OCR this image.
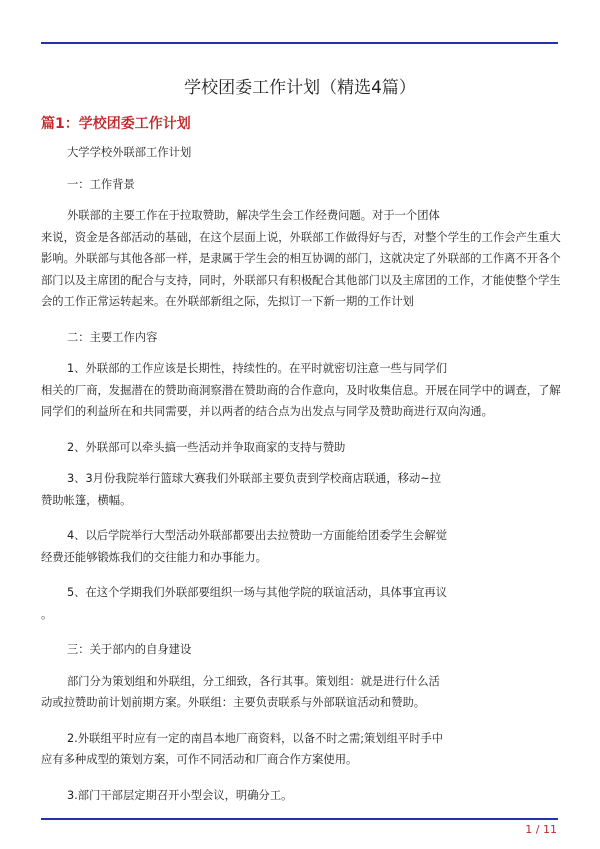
学校团委工作计划（精选4篇）
篇1：学校团委工作计划

大学学校外联部工作计划

一：工作背景

外联部的主要工作在于拉取赞助，解决学生会工作经费问题。对于一个团体
来说，资金是各部活动的基础，在这个层面上说，外联部工作做得好与否，对整个学生的工作会产生重大影响。外联部与其他各部一样，是隶属于学生会的相互协调的部门，这就决定了外联部的工作离不开各个部门以及主席团的配合与支持，同时，外联部只有积极配合其他部门以及主席团的工作，才能使整个学生会的工作正常运转起来。在外联部新组之际，先拟订一下新一期的工作计划

二：主要工作内容

1、外联部的工作应该是长期性，持续性的。在平时就密切注意一些与同学们
相关的厂商，发掘潜在的赞助商洞察潜在赞助商的合作意向，及时收集信息。开展在同学中的调查，了解同学们的利益所在和共同需要，并以两者的结合点为出发点与同学及赞助商进行双向沟通。

2、外联部可以牵头搞一些活动并争取商家的支持与赞助

3、3月份我院举行篮球大赛我们外联部主要负责到学校商店联通，移动~拉
赞助帐篷，横幅。

4、以后学院举行大型活动外联部都要出去拉赞助一方面能给团委学生会解觉
经费还能够锻炼我们的交往能力和办事能力。

5、在这个学期我们外联部要组织一场与其他学院的联谊活动，具体事宜再议
。

三：关于部内的自身建设

部门分为策划组和外联组，分工细致，各行其事。策划组：就是进行什么活
动或拉赞助前计划前期方案。外联组：主要负责联系与外部联谊活动和赞助。

2.外联组平时应有一定的南昌本地厂商资料，以备不时之需;策划组平时手中
应有多种成型的策划方案，可作不同活动和厂商合作方案使用。

3.部门干部层定期召开小型会议，明确分工。

1 / 11
